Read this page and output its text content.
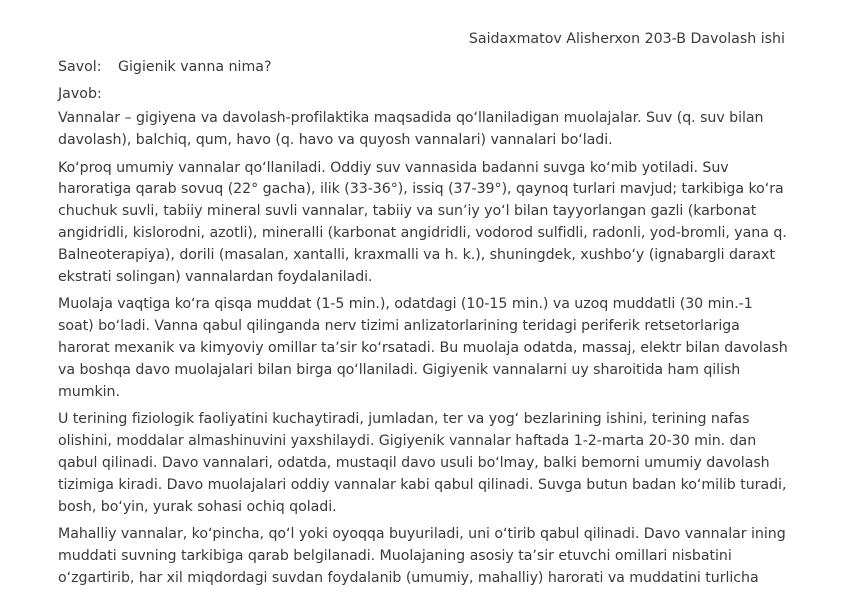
Saidaxmatov Alisherxon 203-B Davolash ishi
Savol: Gigienik vanna nima?
Javob:

Vannalar – gigiyena va davolash-profilaktika maqsadida qoʻllaniladigan muolajalar. Suv (q. suv bilan davolash), balchiq, qum, havo (q. havo va quyosh vannalari) vannalari boʻladi.

Koʻproq umumiy vannalar qoʻllaniladi. Oddiy suv vannasida badanni suvga koʻmib yotiladi. Suv haroratiga qarab sovuq (22° gacha), ilik (33-36°), issiq (37-39°), qaynoq turlari mavjud; tarkibiga koʻra chuchuk suvli, tabiiy mineral suvli vannalar, tabiiy va sunʼiy yoʻl bilan tayyorlangan gazli (karbonat angidridli, kislorodni, azotli), mineralli (karbonat angidridli, vodorod sulfidli, radonli, yod-bromli, yana q. Balneoterapiya), dorili (masalan, xantalli, kraxmalli va h. k.), shuningdek, xushboʻy (ignabargli daraxt ekstrati solingan) vannalardan foydalaniladi.

Muolaja vaqtiga koʻra qisqa muddat (1-5 min.), odatdagi (10-15 min.) va uzoq muddatli (30 min.-1 soat) boʻladi. Vanna qabul qilinganda nerv tizimi anlizatorlarining teridagi periferik retsetorlariga harorat mexanik va kimyoviy omillar taʼsir koʻrsatadi. Bu muolaja odatda, massaj, elektr bilan davolash va boshqa davo muolajalari bilan birga qoʻllaniladi. Gigiyenik vannalarni uy sharoitida ham qilish mumkin.

U terining fiziologik faoliyatini kuchaytiradi, jumladan, ter va yogʻ bezlarining ishini, terining nafas olishini, moddalar almashinuvini yaxshilaydi. Gigiyenik vannalar haftada 1-2-marta 20-30 min. dan qabul qilinadi. Davo vannalari, odatda, mustaqil davo usuli boʻlmay, balki bemorni umumiy davolash tizimiga kiradi. Davo muolajalari oddiy vannalar kabi qabul qilinadi. Suvga butun badan koʻmilib turadi, bosh, boʻyin, yurak sohasi ochiq qoladi.

Mahalliy vannalar, koʻpincha, qoʻl yoki oyoqqa buyuriladi, uni oʻtirib qabul qilinadi. Davo vannalar ining muddati suvning tarkibiga qarab belgilanadi. Muolajaning asosiy taʼsir etuvchi omillari nisbatini oʻzgartirib, har xil miqdordagi suvdan foydalanib (umumiy, mahalliy) harorati va muddatini turlicha
